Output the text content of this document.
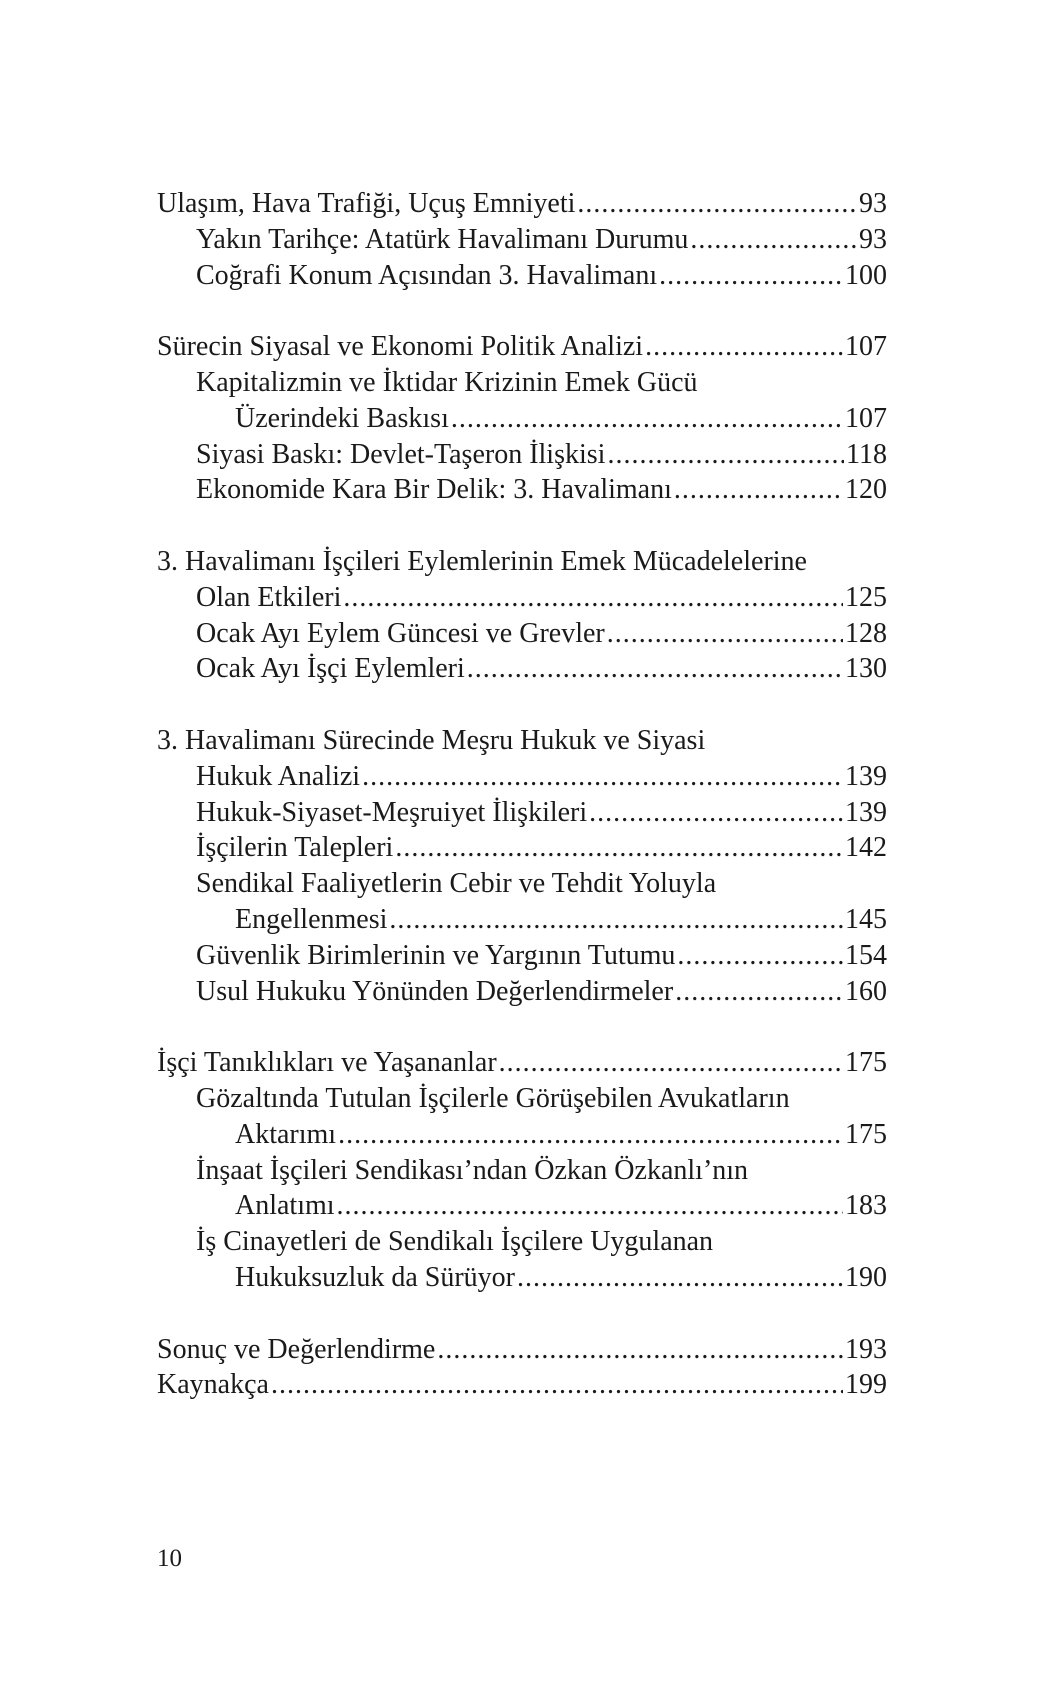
Ulaşım, Hava Trafiği, Uçuş Emniyeti .....	93
Yakın Tarihçe: Atatürk Havalimanı Durumu .....	93
Coğrafi Konum Açısından 3. Havalimanı .....	100
Sürecin Siyasal ve Ekonomi Politik Analizi .....	107
Kapitalizmin ve İktidar Krizinin Emek Gücü
Üzerindeki Baskısı .....	107
Siyasi Baskı: Devlet-Taşeron İlişkisi .....	118
Ekonomide Kara Bir Delik: 3. Havalimanı .....	120
3. Havalimanı İşçileri Eylemlerinin Emek Mücadelelerine
Olan Etkileri .....	125
Ocak Ayı Eylem Güncesi ve Grevler .....	128
Ocak Ayı İşçi Eylemleri .....	130
3. Havalimanı Sürecinde Meşru Hukuk ve Siyasi
Hukuk Analizi .....	139
Hukuk-Siyaset-Meşruiyet İlişkileri .....	139
İşçilerin Talepleri .....	142
Sendikal Faaliyetlerin Cebir ve Tehdit Yoluyla
Engellenmesi .....	145
Güvenlik Birimlerinin ve Yargının Tutumu .....	154
Usul Hukuku Yönünden Değerlendirmeler .....	160
İşçi Tanıklıkları ve Yaşananlar .....	175
Gözaltında Tutulan İşçilerle Görüşebilen Avukatların
Aktarımı .....	175
İnşaat İşçileri Sendikası’ndan Özkan Özkanlı’nın
Anlatımı .....	183
İş Cinayetleri de Sendikalı İşçilere Uygulanan
Hukuksuzluk da Sürüyor .....	190
Sonuç ve Değerlendirme .....	193
Kaynakça .....	199
10
